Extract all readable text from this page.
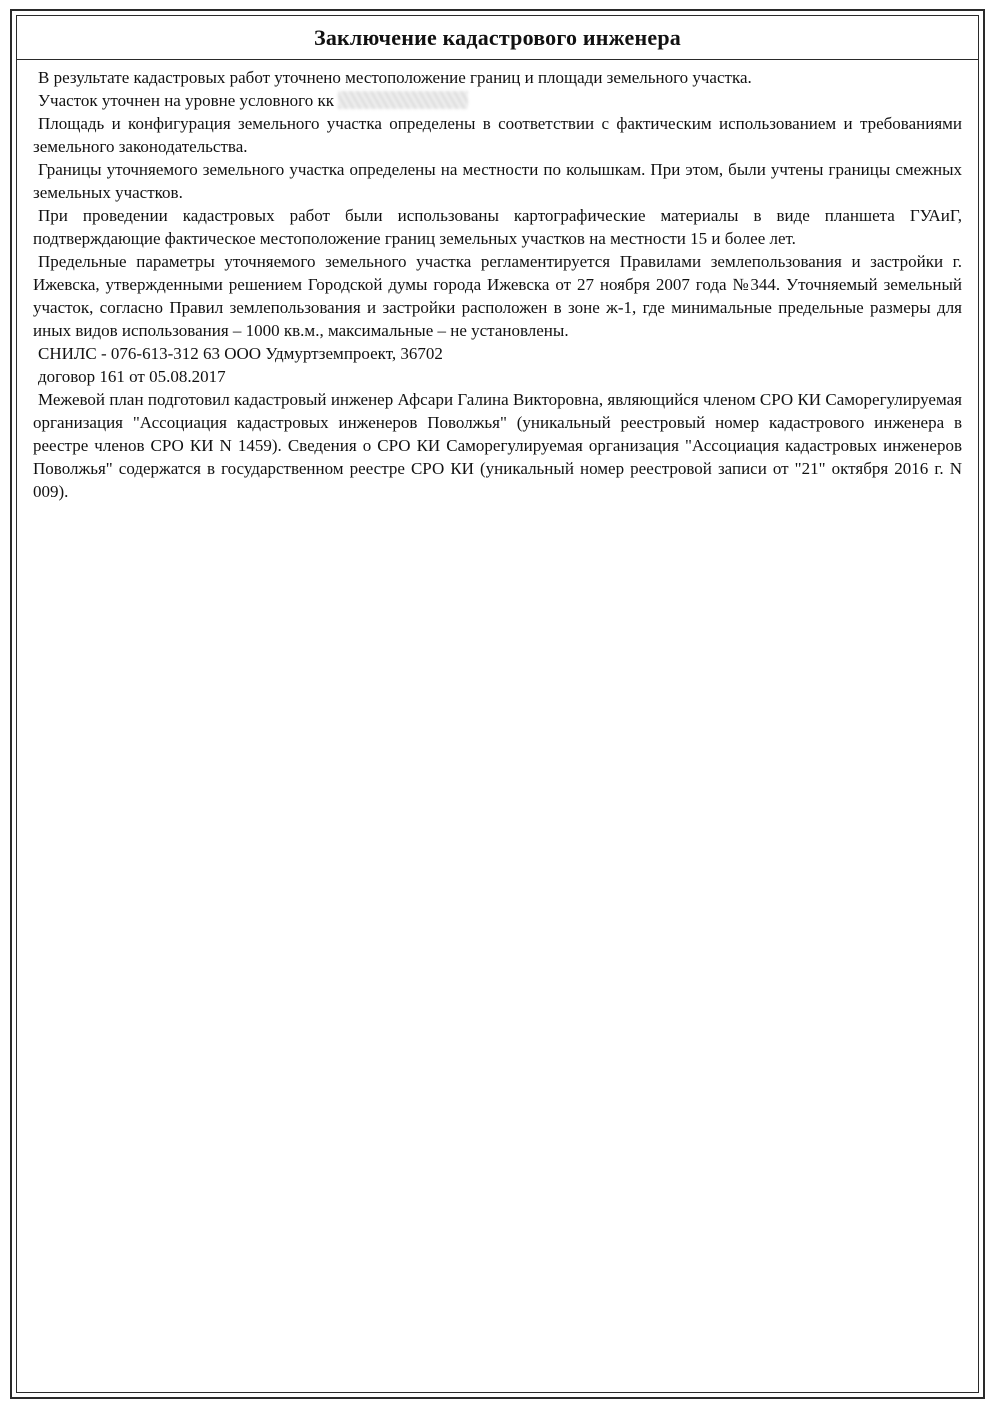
Заключение кадастрового инженера

В результате кадастровых работ уточнено местоположение границ и площади земельного участка.

Участок уточнен на уровне условного кк

Площадь и конфигурация земельного участка определены в соответствии с фактическим использованием и требованиями земельного законодательства.

Границы уточняемого земельного участка определены на местности по колышкам. При этом, были учтены границы смежных земельных участков.

При проведении кадастровых работ были использованы картографические материалы в виде планшета ГУАиГ, подтверждающие фактическое местоположение границ земельных участков на местности 15 и более лет.

Предельные параметры уточняемого земельного участка регламентируется Правилами землепользования и застройки г. Ижевска, утвержденными решением Городской думы города Ижевска от 27 ноября 2007 года №344. Уточняемый земельный участок, согласно Правил землепользования и застройки расположен в зоне ж-1, где минимальные предельные размеры для иных видов использования – 1000 кв.м., максимальные – не установлены.

СНИЛС - 076-613-312 63 ООО Удмуртземпроект, 36702

договор 161 от 05.08.2017

Межевой план подготовил кадастровый инженер Афсари Галина Викторовна, являющийся членом СРО КИ Саморегулируемая организация "Ассоциация кадастровых инженеров Поволжья" (уникальный реестровый номер кадастрового инженера в реестре членов СРО КИ N 1459). Сведения о СРО КИ Саморегулируемая организация "Ассоциация кадастровых инженеров Поволжья" содержатся в государственном реестре СРО КИ (уникальный номер реестровой записи от "21" октября 2016 г. N 009).
